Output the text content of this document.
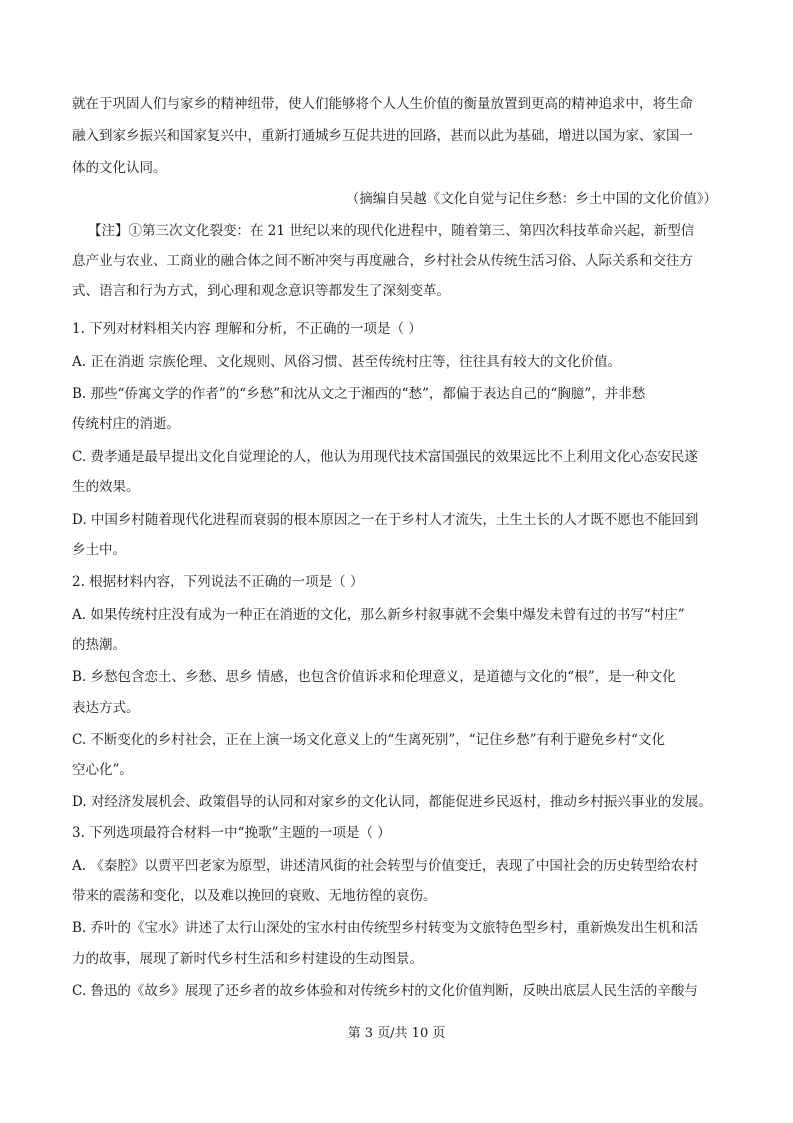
就在于巩固人们与家乡的精神纽带，使人们能够将个人人生价值的衡量放置到更高的精神追求中，将生命
融入到家乡振兴和国家复兴中，重新打通城乡互促共进的回路，甚而以此为基础，增进以国为家、家国一
体的文化认同。
（摘编自吴越《文化自觉与记住乡愁：乡土中国的文化价值》）
【注】①第三次文化裂变：在 21 世纪以来的现代化进程中，随着第三、第四次科技革命兴起，新型信
息产业与农业、工商业的融合体之间不断冲突与再度融合，乡村社会从传统生活习俗、人际关系和交往方
式、语言和行为方式，到心理和观念意识等都发生了深刻变革。
1. 下列对材料相关内容 理解和分析，不正确的一项是（ ）
A. 正在消逝 宗族伦理、文化规则、风俗习惯、甚至传统村庄等，往往具有较大的文化价值。
B. 那些“侨寓文学的作者”的“乡愁”和沈从文之于湘西的“愁”，都偏于表达自己的“胸臆”，并非愁
传统村庄的消逝。
C. 费孝通是最早提出文化自觉理论的人，他认为用现代技术富国强民的效果远比不上利用文化心态安民遂
生的效果。
D. 中国乡村随着现代化进程而衰弱的根本原因之一在于乡村人才流失，土生土长的人才既不愿也不能回到
乡土中。
2. 根据材料内容，下列说法不正确的一项是（ ）
A. 如果传统村庄没有成为一种正在消逝的文化，那么新乡村叙事就不会集中爆发未曾有过的书写“村庄”
的热潮。
B. 乡愁包含恋土、乡愁、思乡 情感，也包含价值诉求和伦理意义，是道德与文化的“根”，是一种文化
表达方式。
C. 不断变化的乡村社会，正在上演一场文化意义上的“生离死别”，“记住乡愁”有利于避免乡村“文化
空心化”。
D. 对经济发展机会、政策倡导的认同和对家乡的文化认同，都能促进乡民返村，推动乡村振兴事业的发展。
3. 下列选项最符合材料一中“挽歌”主题的一项是（ ）
A. 《秦腔》以贾平凹老家为原型，讲述清风街的社会转型与价值变迁，表现了中国社会的历史转型给农村
带来的震荡和变化，以及难以挽回的衰败、无地彷徨的哀伤。
B. 乔叶的《宝水》讲述了太行山深处的宝水村由传统型乡村转变为文旅特色型乡村，重新焕发出生机和活
力的故事，展现了新时代乡村生活和乡村建设的生动图景。
C. 鲁迅的《故乡》展现了还乡者的故乡体验和对传统乡村的文化价值判断，反映出底层人民生活的辛酸与
第 3 页/共 10 页
